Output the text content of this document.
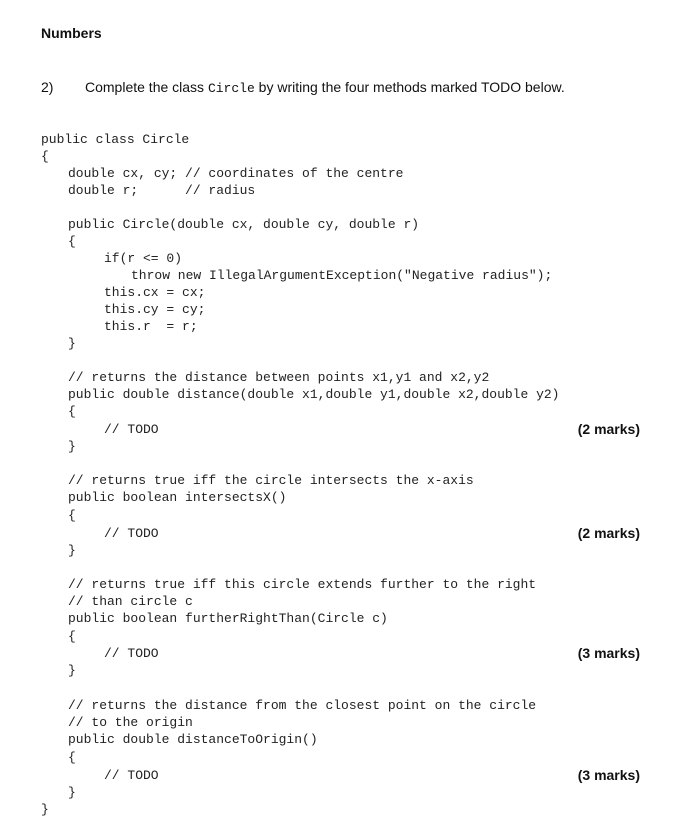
Numbers
2) Complete the class Circle by writing the four methods marked TODO below.
public class Circle
{
double cx, cy; // coordinates of the centre
double r;      // radius
public Circle(double cx, double cy, double r)
{
if(r <= 0)
throw new IllegalArgumentException("Negative radius");
this.cx = cx;
this.cy = cy;
this.r  = r;
}
// returns the distance between points x1,y1 and x2,y2
public double distance(double x1,double y1,double x2,double y2)
{
// TODO	(2 marks)
}
// returns true iff the circle intersects the x-axis
public boolean intersectsX()
{
// TODO	(2 marks)
}
// returns true iff this circle extends further to the right
// than circle c
public boolean furtherRightThan(Circle c)
{
// TODO	(3 marks)
}
// returns the distance from the closest point on the circle
// to the origin
public double distanceToOrigin()
{
// TODO	(3 marks)
}
}
